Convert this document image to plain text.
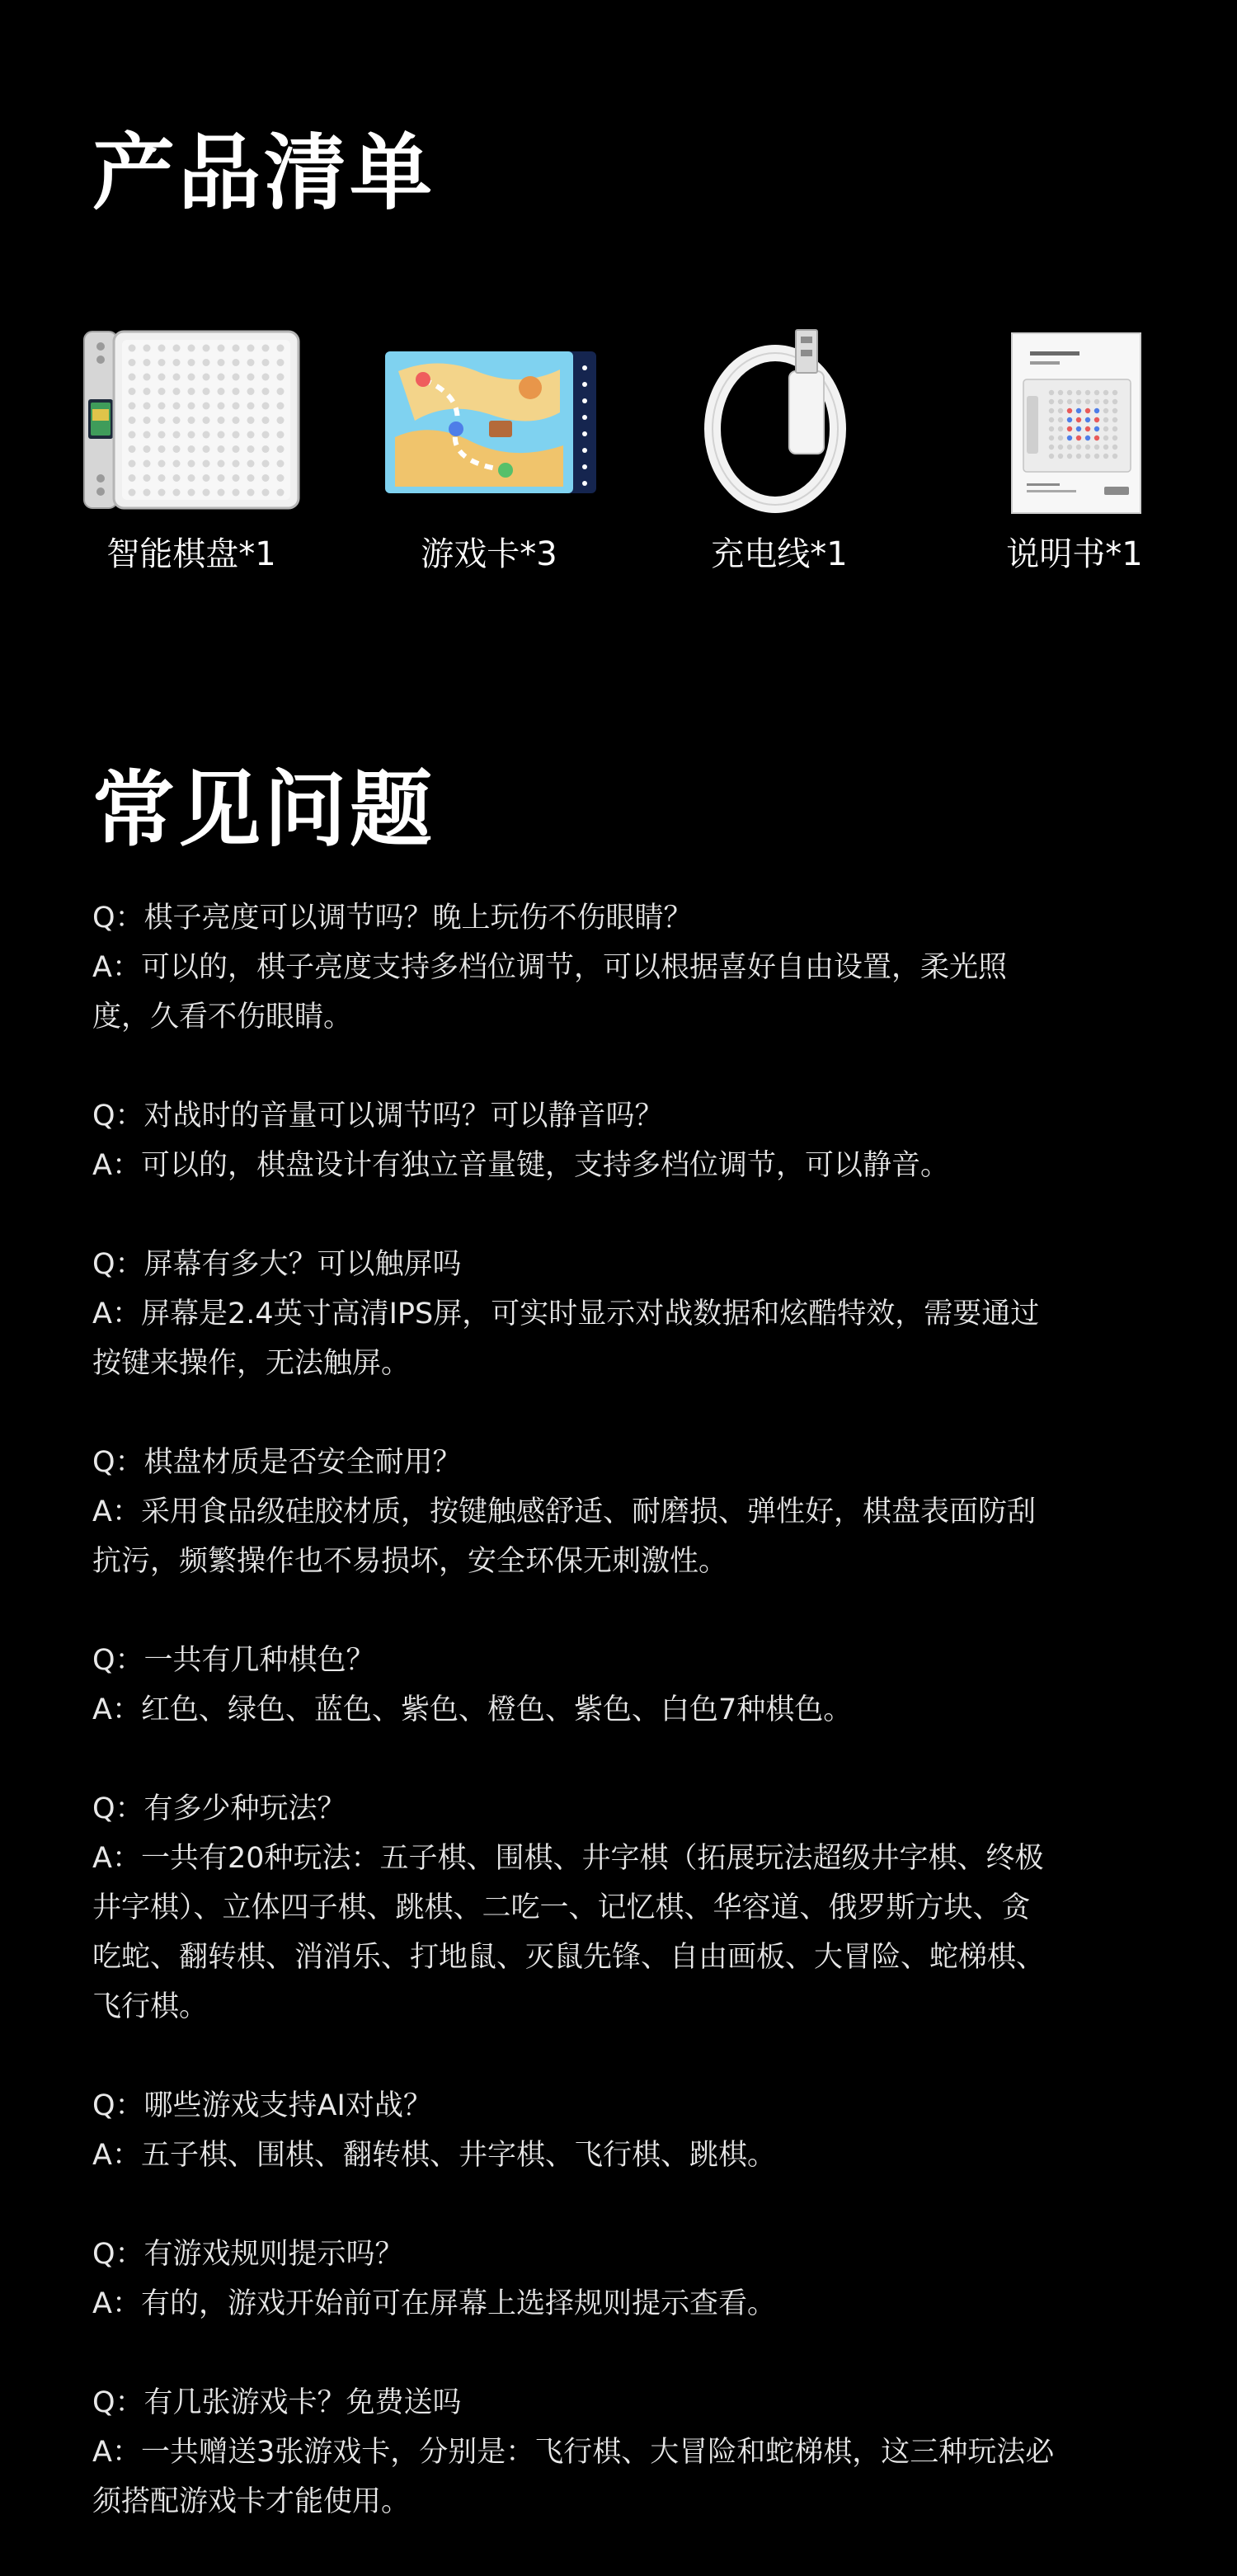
产品清单
智能棋盘*1	游戏卡*3	充电线*1	说明书*1
常见问题

Q：棋子亮度可以调节吗？晚上玩伤不伤眼睛？

A：可以的，棋子亮度支持多档位调节，可以根据喜好自由设置，柔光照

度，久看不伤眼睛。

Q：对战时的音量可以调节吗？可以静音吗？

A：可以的，棋盘设计有独立音量键，支持多档位调节，可以静音。

Q：屏幕有多大？可以触屏吗

A：屏幕是2.4英寸高清IPS屏，可实时显示对战数据和炫酷特效，需要通过

按键来操作，无法触屏。

Q：棋盘材质是否安全耐用？

A：采用食品级硅胶材质，按键触感舒适、耐磨损、弹性好，棋盘表面防刮

抗污，频繁操作也不易损坏，安全环保无刺激性。

Q：一共有几种棋色？

A：红色、绿色、蓝色、紫色、橙色、紫色、白色7种棋色。

Q：有多少种玩法？

A：一共有20种玩法：五子棋、围棋、井字棋（拓展玩法超级井字棋、终极

井字棋）、立体四子棋、跳棋、二吃一、记忆棋、华容道、俄罗斯方块、贪

吃蛇、翻转棋、消消乐、打地鼠、灭鼠先锋、自由画板、大冒险、蛇梯棋、

飞行棋。

Q：哪些游戏支持AI对战？

A：五子棋、围棋、翻转棋、井字棋、飞行棋、跳棋。

Q：有游戏规则提示吗？

A：有的，游戏开始前可在屏幕上选择规则提示查看。

Q：有几张游戏卡？免费送吗

A：一共赠送3张游戏卡，分别是：飞行棋、大冒险和蛇梯棋，这三种玩法必

须搭配游戏卡才能使用。
